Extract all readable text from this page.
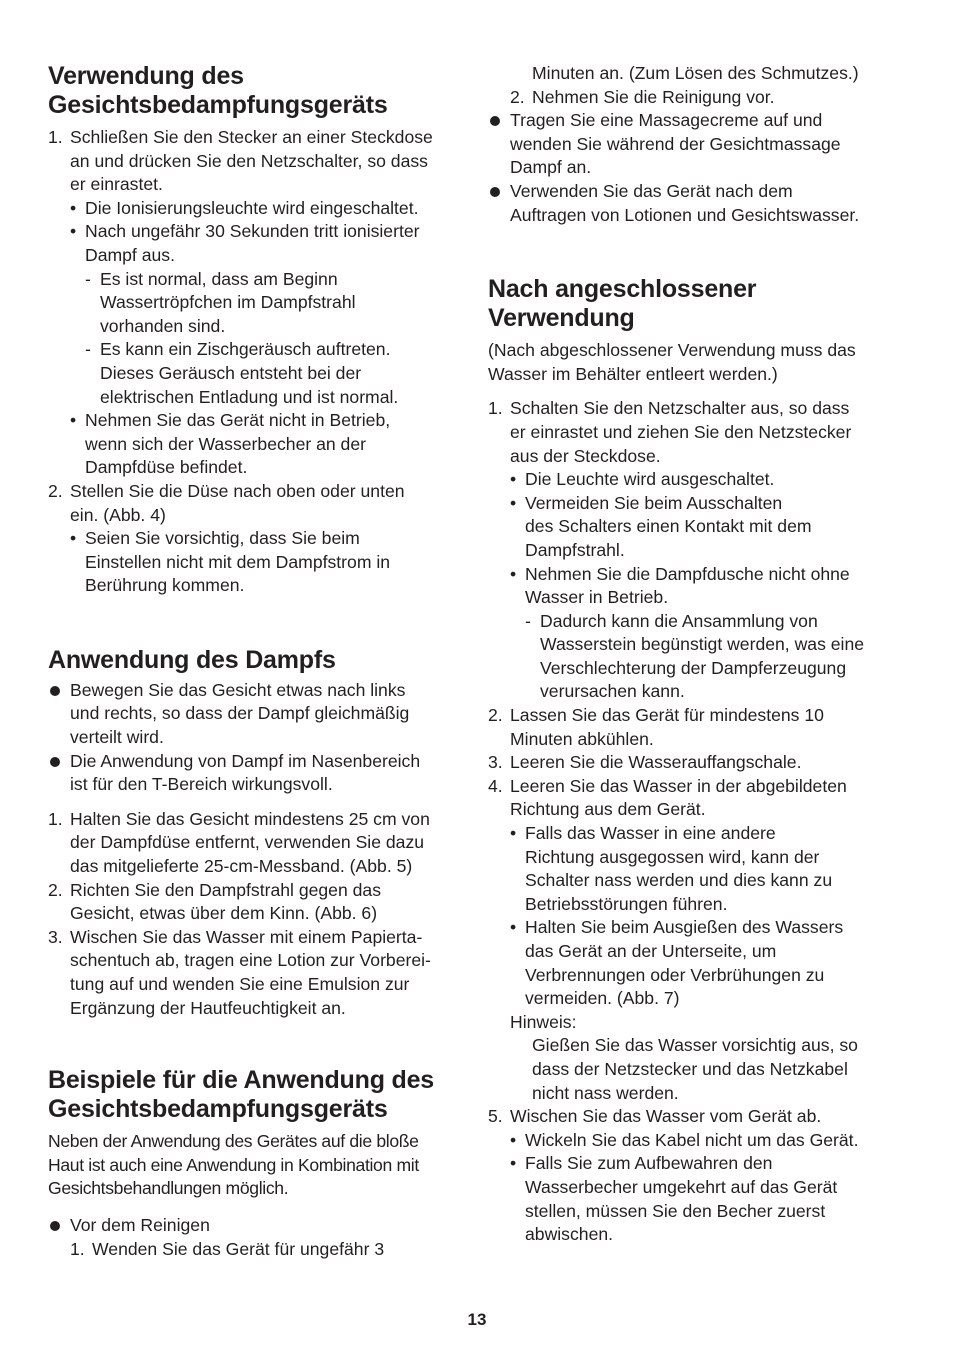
Verwendung des
Gesichtsbedampfungsgeräts
1. Schließen Sie den Stecker an einer Steckdose
an und drücken Sie den Netzschalter, so dass
er einrastet.
• Die Ionisierungsleuchte wird eingeschaltet.
• Nach ungefähr 30 Sekunden tritt ionisierter
Dampf aus.
- Es ist normal, dass am Beginn
Wassertröpfchen im Dampfstrahl
vorhanden sind.
- Es kann ein Zischgeräusch auftreten.
Dieses Geräusch entsteht bei der
elektrischen Entladung und ist normal.
• Nehmen Sie das Gerät nicht in Betrieb,
wenn sich der Wasserbecher an der
Dampfdüse befindet.
2. Stellen Sie die Düse nach oben oder unten
ein. (Abb. 4)
• Seien Sie vorsichtig, dass Sie beim
Einstellen nicht mit dem Dampfstrom in
Berührung kommen.
Anwendung des Dampfs
Bewegen Sie das Gesicht etwas nach links
und rechts, so dass der Dampf gleichmäßig
verteilt wird.
Die Anwendung von Dampf im Nasenbereich
ist für den T-Bereich wirkungsvoll.
1. Halten Sie das Gesicht mindestens 25 cm von
der Dampfdüse entfernt, verwenden Sie dazu
das mitgelieferte 25-cm-Messband. (Abb. 5)
2. Richten Sie den Dampfstrahl gegen das
Gesicht, etwas über dem Kinn. (Abb. 6)
3. Wischen Sie das Wasser mit einem Papierta-
schentuch ab, tragen eine Lotion zur Vorberei-
tung auf und wenden Sie eine Emulsion zur
Ergänzung der Hautfeuchtigkeit an.
Beispiele für die Anwendung des
Gesichtsbedampfungsgeräts
Neben der Anwendung des Gerätes auf die bloße
Haut ist auch eine Anwendung in Kombination mit
Gesichtsbehandlungen möglich.
Vor dem Reinigen
1. Wenden Sie das Gerät für ungefähr 3
Minuten an. (Zum Lösen des Schmutzes.)
2. Nehmen Sie die Reinigung vor.
Tragen Sie eine Massagecreme auf und
wenden Sie während der Gesichtmassage
Dampf an.
Verwenden Sie das Gerät nach dem
Auftragen von Lotionen und Gesichtswasser.
Nach angeschlossener
Verwendung
(Nach abgeschlossener Verwendung muss das
Wasser im Behälter entleert werden.)
1. Schalten Sie den Netzschalter aus, so dass
er einrastet und ziehen Sie den Netzstecker
aus der Steckdose.
• Die Leuchte wird ausgeschaltet.
• Vermeiden Sie beim Ausschalten
des Schalters einen Kontakt mit dem
Dampfstrahl.
• Nehmen Sie die Dampfdusche nicht ohne
Wasser in Betrieb.
- Dadurch kann die Ansammlung von
Wasserstein begünstigt werden, was eine
Verschlechterung der Dampferzeugung
verursachen kann.
2. Lassen Sie das Gerät für mindestens 10
Minuten abkühlen.
3. Leeren Sie die Wasserauffangschale.
4. Leeren Sie das Wasser in der abgebildeten
Richtung aus dem Gerät.
• Falls das Wasser in eine andere
Richtung ausgegossen wird, kann der
Schalter nass werden und dies kann zu
Betriebsstörungen führen.
• Halten Sie beim Ausgießen des Wassers
das Gerät an der Unterseite, um
Verbrennungen oder Verbrühungen zu
vermeiden. (Abb. 7)
Hinweis:
Gießen Sie das Wasser vorsichtig aus, so
dass der Netzstecker und das Netzkabel
nicht nass werden.
5. Wischen Sie das Wasser vom Gerät ab.
• Wickeln Sie das Kabel nicht um das Gerät.
• Falls Sie zum Aufbewahren den
Wasserbecher umgekehrt auf das Gerät
stellen, müssen Sie den Becher zuerst
abwischen.
13
